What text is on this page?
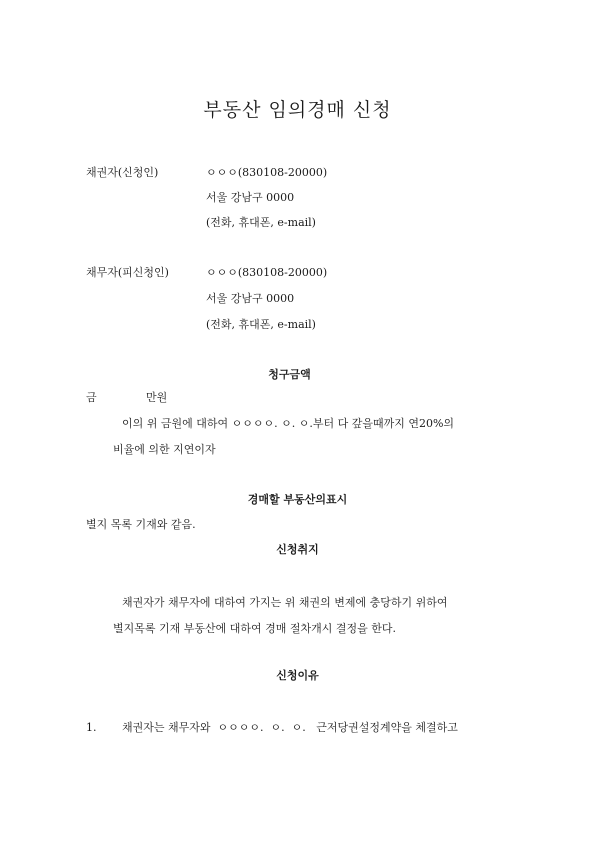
부동산 임의경매 신청
채권자(신청인)	ㅇㅇㅇ(830108-20000)
서울 강남구 0000
(전화, 휴대폰, e-mail)
채무자(피신청인)	ㅇㅇㅇ(830108-20000)
서울 강남구 0000
(전화, 휴대폰, e-mail)
청구금액
금	만원
이의 위 금원에 대하여 ㅇㅇㅇㅇ. ㅇ. ㅇ.부터 다 갚을때까지 연20%의
비율에 의한 지연이자
경매할 부동산의표시
별지 목록 기재와 같음.
신청취지
채권자가 채무자에 대하여 가지는 위 채권의 변제에 충당하기 위하여
별지목록 기재 부동산에 대하여 경매 절차개시 결정을 한다.
신청이유
1. 채권자는 채무자와  ㅇㅇㅇㅇ.  ㅇ.  ㅇ.   근저당권설정계약을 체결하고
